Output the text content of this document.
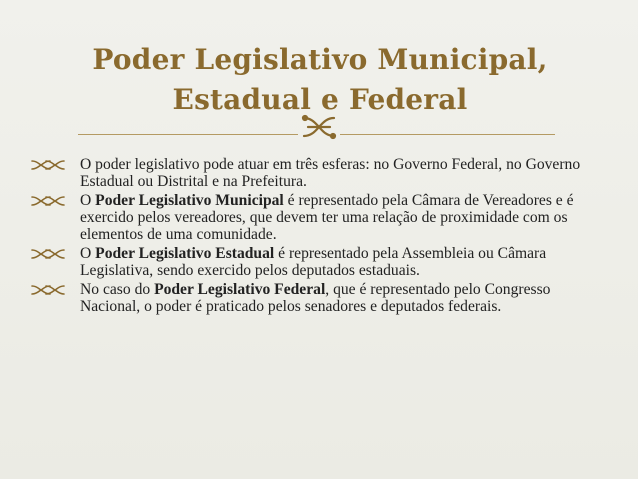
Poder Legislativo Municipal,
Estadual e Federal
O poder legislativo pode atuar em três esferas: no Governo Federal, no Governo Estadual ou Distrital e na Prefeitura.
O Poder Legislativo Municipal é representado pela Câmara de Vereadores e é exercido pelos vereadores, que devem ter uma relação de proximidade com os elementos de uma comunidade.
O Poder Legislativo Estadual é representado pela Assembleia ou Câmara Legislativa, sendo exercido pelos deputados estaduais.
No caso do Poder Legislativo Federal, que é representado pelo Congresso Nacional, o poder é praticado pelos senadores e deputados federais.
